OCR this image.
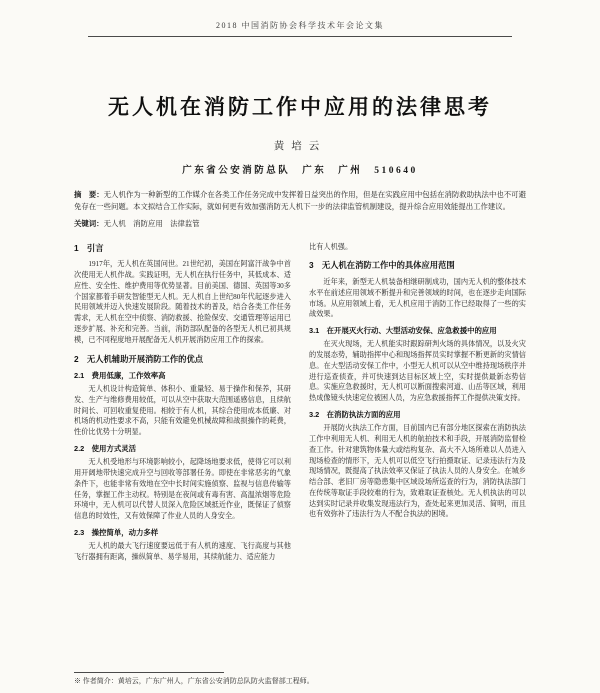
2018 中国消防协会科学技术年会论文集
无人机在消防工作中应用的法律思考
黄培云
广东省公安消防总队　广东　广州　510640

摘　要：无人机作为一种新型的工作媒介在各类工作任务完成中发挥着日益突出的作用，但是在实践应用中包括在消防救助执法中也不可避免存在一些问题。本文拟结合工作实际，就如何更有效加强消防无人机下一步的法律监管机制建设，提升综合应用效能提出工作建议。

关键词：无人机　消防应用　法律监管

1　引言

1917年，无人机在英国问世。21世纪初，美国在阿富汗战争中首次使用无人机作战。实践证明，无人机在执行任务中，其低成本、适应性、安全性、维护费用等优势显著。目前美国、德国、英国等30多个国家都着手研发智能型无人机。无人机自上世纪80年代起逐步进入民用领域并迈入快速发展阶段。随着技术的普及，结合各类工作任务需求，无人机在空中侦察、消防救援、抢险保安、交通管理等运用已逐步扩展、补充和完善。当前，消防部队配备的各型无人机已初具规模，已不同程度地开展配备无人机开展消防应用工作的探索。

2　无人机辅助开展消防工作的优点
2.1　费用低廉，工作效率高

无人机设计构造简单、体积小、重量轻、易于操作和保养，其研发、生产与维修费用较低，可以从空中获取大范围遥感信息，且续航时间长、可回收重复使用。相较于有人机，其综合使用成本低廉、对机场的机动性要求不高，只能有效避免机械故障和战损操作的耗费，性价比优势十分明显。

2.2　使用方式灵活

无人机受地形与环境影响较小，起降场地要求低，使得它可以利用开阔地带快速完成升空与回收等部署任务。即使在非常恶劣的气象条件下，也能非常有效地在空中长时间实施侦察、监视与信息传输等任务，掌握工作主动权。特别是在夜间或有毒有害、高温浓烟等危险环境中，无人机可以代替人员深入危险区域抵近作业，既保证了侦察信息的时效性，又有效保障了作业人员的人身安全。

2.3　操控简单，动力多样

无人机的最大飞行速度要远低于有人机的速度、飞行高度与其他飞行器拥有距离，操纵简单、易学易用，其续航能力、适应能力

比有人机强。

3　无人机在消防工作中的具体应用范围

近年来，新型无人机装备相继研制成功，国内无人机的整体技术水平在前述应用领域不断提升和完善领域的时间，也在逐步走向国际市场。从应用领域上看，无人机应用于消防工作已经取得了一些的实战效果。

3.1　在开展灭火行动、大型活动安保、应急救援中的应用

在灭火现场，无人机能实时跟踪研判火场的具体情况，以及火灾的发展态势，辅助指挥中心和现场指挥员实时掌握不断更新的灾情信息。在大型活动安保工作中，小型无人机可以从空中维持现场秩序并进行巡查侦查，并可快速到达目标区域上空，实时提供最新态势信息。实施应急救援时，无人机可以断面搜索河道、山岳等区域，利用热成像镜头快速定位被困人员，为应急救援指挥工作提供决策支持。

3.2　在消防执法方面的应用

开展防火执法工作方面，目前国内已有部分地区探索在消防执法工作中利用无人机、利用无人机的航拍技术和手段，开展消防监督检查工作。针对建筑物体量大或结构复杂、高大不入场所难以人员进入现场检查的情形下，无人机可以低空飞行拍摄取证、记录违法行为及现场情况，既提高了执法效率又保证了执法人员的人身安全。在城乡结合部、老旧厂房等隐患集中区域设场所巡查的行为，消防执法部门在传统等取证手段较难的行为，致难取证查核处。无人机执法的可以达到实时记录并收集发现违法行为，查处起来更加灵活、简明，而且也有效弥补了违法行为人不配合执法的困境。

※ 作者简介：黄培云，广东广州人，广东省公安消防总队防火监督部工程师。
